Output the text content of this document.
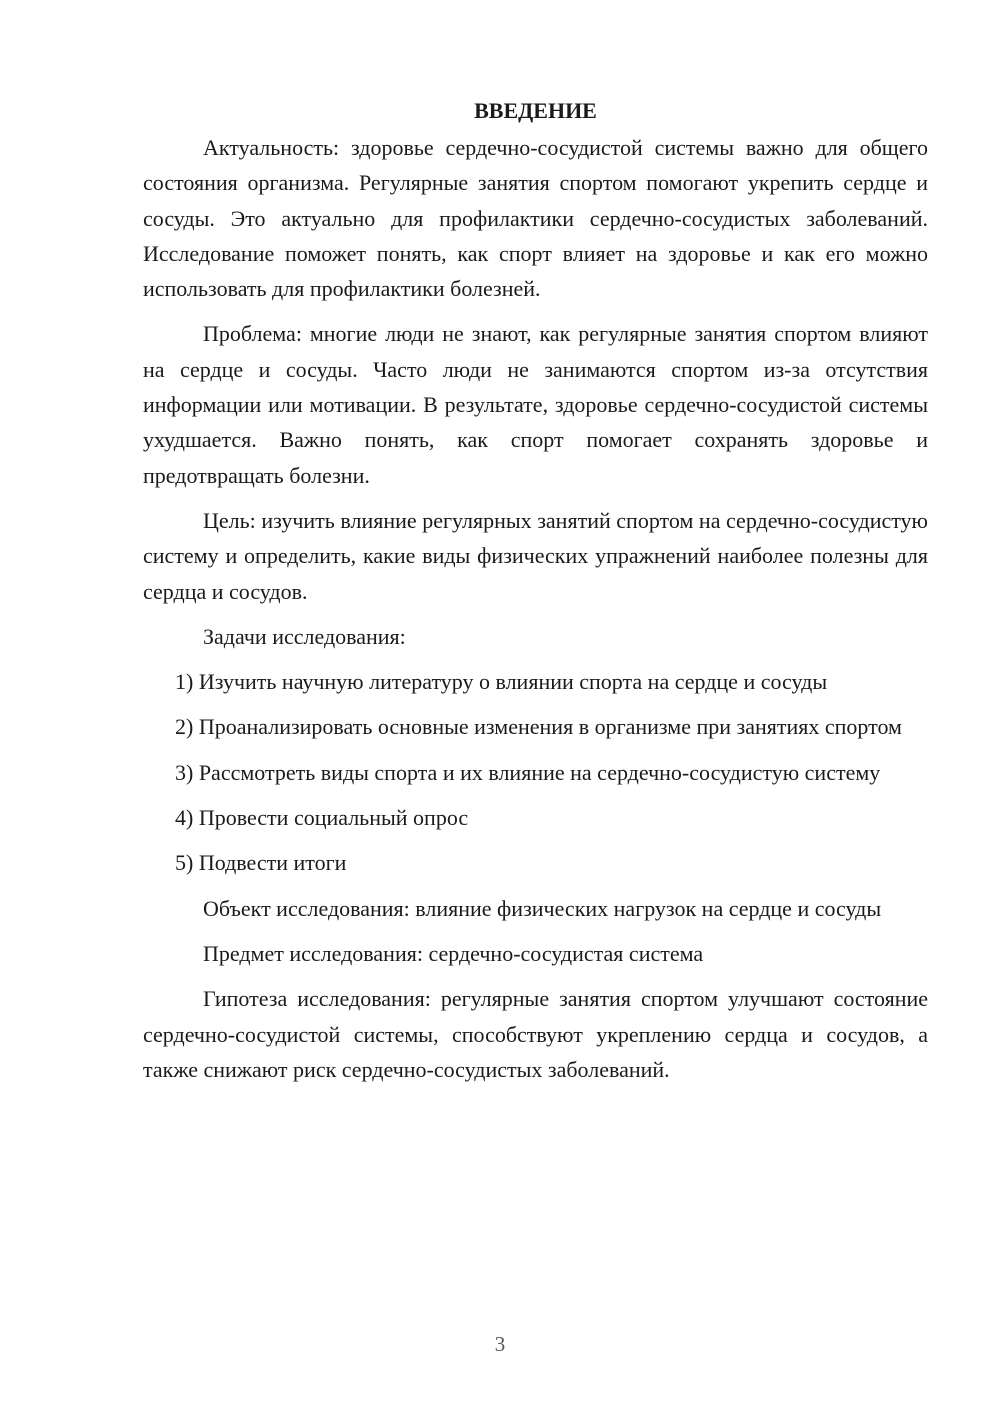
ВВЕДЕНИЕ

Актуальность: здоровье сердечно-сосудистой системы важно для общего состояния организма. Регулярные занятия спортом помогают укрепить сердце и сосуды. Это актуально для профилактики сердечно-сосудистых заболеваний. Исследование поможет понять, как спорт влияет на здоровье и как его можно использовать для профилактики болезней.

Проблема: многие люди не знают, как регулярные занятия спортом влияют на сердце и сосуды. Часто люди не занимаются спортом из-за отсутствия информации или мотивации. В результате, здоровье сердечно-сосудистой системы ухудшается. Важно понять, как спорт помогает сохранять здоровье и предотвращать болезни.

Цель: изучить влияние регулярных занятий спортом на сердечно-сосудистую систему и определить, какие виды физических упражнений наиболее полезны для сердца и сосудов.

Задачи исследования:

1) Изучить научную литературу о влиянии спорта на сердце и сосуды

2) Проанализировать основные изменения в организме при занятиях спортом

3) Рассмотреть виды спорта и их влияние на сердечно-сосудистую систему

4) Провести социальный опрос

5) Подвести итоги

Объект исследования: влияние физических нагрузок на сердце и сосуды

Предмет исследования: сердечно-сосудистая система

Гипотеза исследования: регулярные занятия спортом улучшают состояние сердечно-сосудистой системы, способствуют укреплению сердца и сосудов, а также снижают риск сердечно-сосудистых заболеваний.

3
